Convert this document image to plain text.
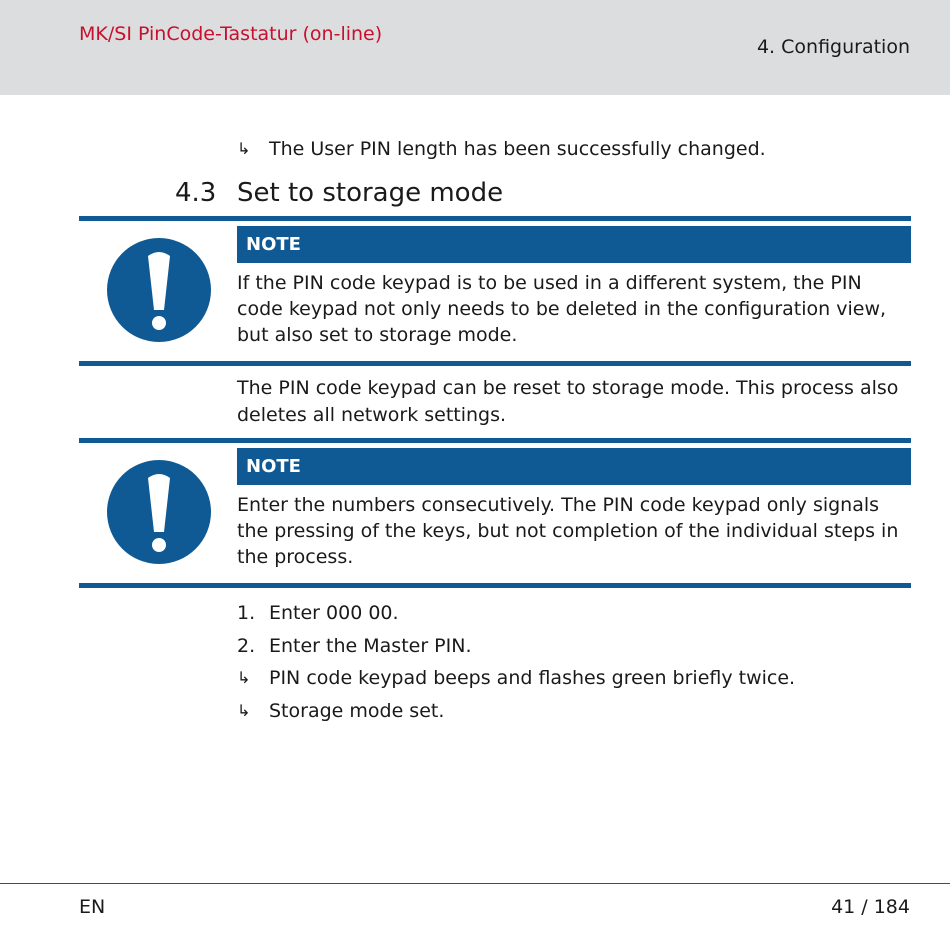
MK/SI PinCode-Tastatur (on-line)
4. Configuration
↳ The User PIN length has been successfully changed.
4.3 Set to storage mode
NOTE
If the PIN code keypad is to be used in a different system, the PIN code keypad not only needs to be deleted in the configuration view, but also set to storage mode.
The PIN code keypad can be reset to storage mode. This process also deletes all network settings.
NOTE
Enter the numbers consecutively. The PIN code keypad only signals the pressing of the keys, but not completion of the individual steps in the process.
1. Enter 000 00.
2. Enter the Master PIN.
↳ PIN code keypad beeps and flashes green briefly twice.
↳ Storage mode set.
EN	41 / 184
